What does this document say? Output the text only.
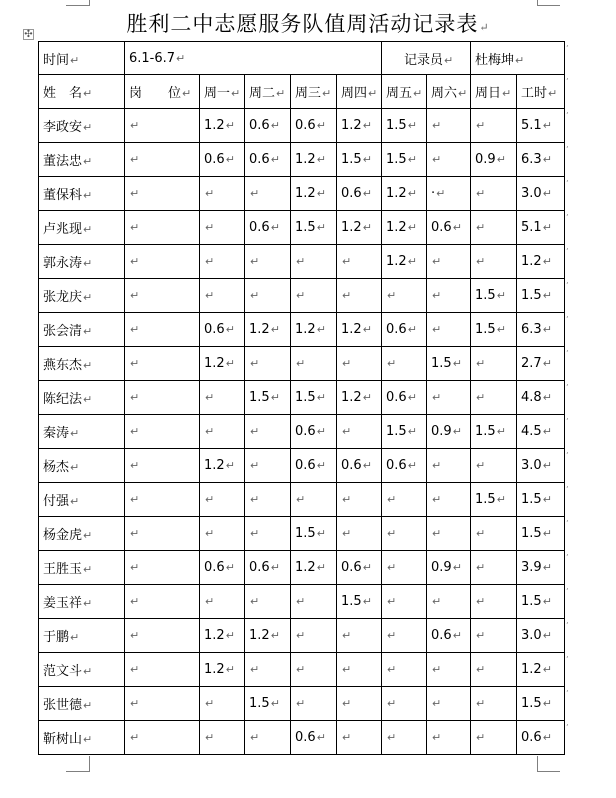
胜利二中志愿服务队值周活动记录表↵
✣
时间↵	6.1-6.7↵					记录员↵		杜梅坤↵	
姓　名↵	岗　　位↵	周一↵	周二↵	周三↵	周四↵	周五↵	周六↵	周日↵	工时↵
李政安↵	↵	1.2↵	0.6↵	0.6↵	1.2↵	1.5↵	↵	↵	5.1↵
董法忠↵	↵	0.6↵	0.6↵	1.2↵	1.5↵	1.5↵	↵	0.9↵	6.3↵
董保科↵	↵	↵	↵	1.2↵	0.6↵	1.2↵	·↵	↵	3.0↵
卢兆现↵	↵	↵	0.6↵	1.5↵	1.2↵	1.2↵	0.6↵	↵	5.1↵
郭永涛↵	↵	↵	↵	↵	↵	1.2↵	↵	↵	1.2↵
张龙庆↵	↵	↵	↵	↵	↵	↵	↵	1.5↵	1.5↵
张会清↵	↵	0.6↵	1.2↵	1.2↵	1.2↵	0.6↵	↵	1.5↵	6.3↵
燕东杰↵	↵	1.2↵	↵	↵	↵	↵	1.5↵	↵	2.7↵
陈纪法↵	↵	↵	1.5↵	1.5↵	1.2↵	0.6↵	↵	↵	4.8↵
秦涛↵	↵	↵	↵	0.6↵	↵	1.5↵	0.9↵	1.5↵	4.5↵
杨杰↵	↵	1.2↵	↵	0.6↵	0.6↵	0.6↵	↵	↵	3.0↵
付强↵	↵	↵	↵	↵	↵	↵	↵	1.5↵	1.5↵
杨金虎↵	↵	↵	↵	1.5↵	↵	↵	↵	↵	1.5↵
王胜玉↵	↵	0.6↵	0.6↵	1.2↵	0.6↵	↵	0.9↵	↵	3.9↵
姜玉祥↵	↵	↵	↵	↵	1.5↵	↵	↵	↵	1.5↵
于鹏↵	↵	1.2↵	1.2↵	↵	↵	↵	0.6↵	↵	3.0↵
范文斗↵	↵	1.2↵	↵	↵	↵	↵	↵	↵	1.2↵
张世德↵	↵	↵	1.5↵	↵	↵	↵	↵	↵	1.5↵
靳树山↵	↵	↵	↵	0.6↵	↵	↵	↵	↵	0.6↵
ʼ
ʼ
ʼ
ʼ
ʼ
ʼ
ʼ
ʼ
ʼ
ʼ
ʼ
ʼ
ʼ
ʼ
ʼ
ʼ
ʼ
ʼ
ʼ
ʼ
ʼ
